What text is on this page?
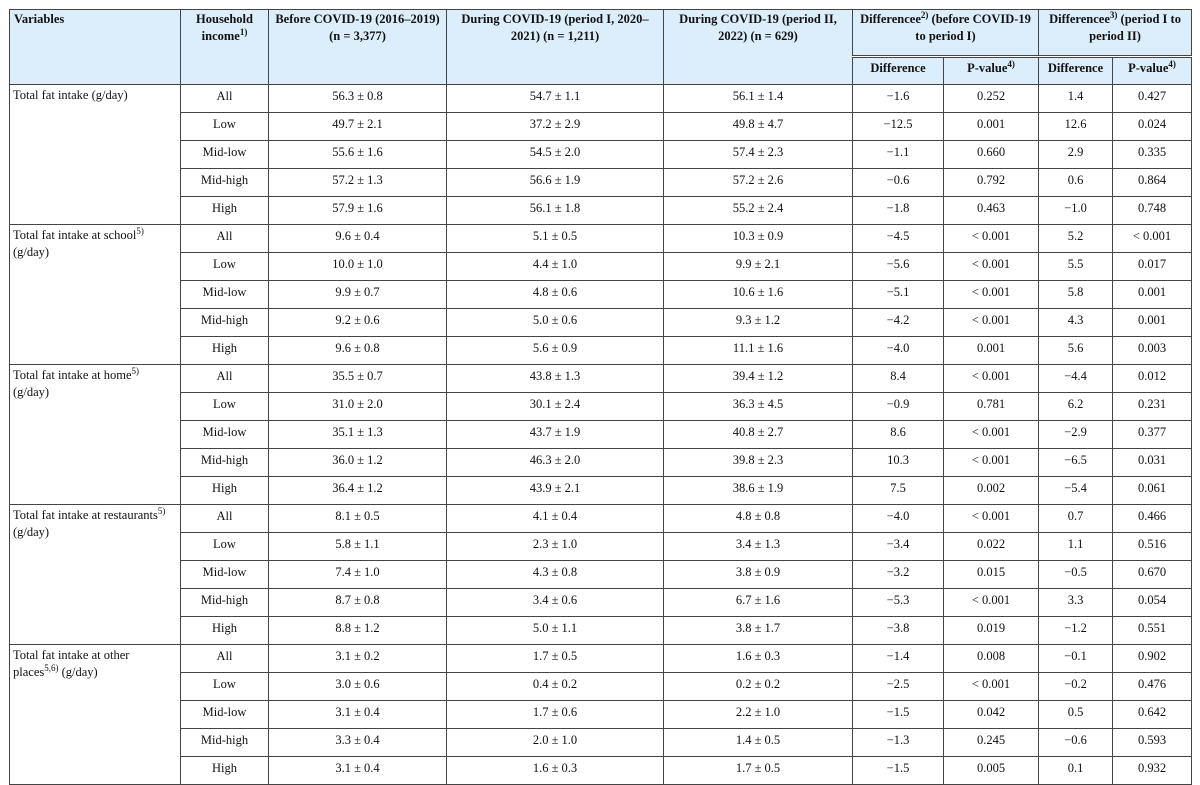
Variables	Household income$^{1)}$	Before COVID-19 (2016–2019) (n = 3,377)	During COVID-19 (period I, 2020–2021) (n = 1,211)	During COVID-19 (period II, 2022) (n = 629)	Differencee$^{2)}$ (before COVID-19 to period I)		Differencee$^{3)}$ (period I to period II)	
					Difference	P-value$^{4)}$	Difference	P-value$^{4)}$
Total fat intake (g/day)	All	56.3 ± 0.8	54.7 ± 1.1	56.1 ± 1.4	−1.6	0.252	1.4	0.427
	Low	49.7 ± 2.1	37.2 ± 2.9	49.8 ± 4.7	−12.5	0.001	12.6	0.024
	Mid-low	55.6 ± 1.6	54.5 ± 2.0	57.4 ± 2.3	−1.1	0.660	2.9	0.335
	Mid-high	57.2 ± 1.3	56.6 ± 1.9	57.2 ± 2.6	−0.6	0.792	0.6	0.864
	High	57.9 ± 1.6	56.1 ± 1.8	55.2 ± 2.4	−1.8	0.463	−1.0	0.748
Total fat intake at school$^{5)}$ (g/day)	All	9.6 ± 0.4	5.1 ± 0.5	10.3 ± 0.9	−4.5	< 0.001	5.2	< 0.001
	Low	10.0 ± 1.0	4.4 ± 1.0	9.9 ± 2.1	−5.6	< 0.001	5.5	0.017
	Mid-low	9.9 ± 0.7	4.8 ± 0.6	10.6 ± 1.6	−5.1	< 0.001	5.8	0.001
	Mid-high	9.2 ± 0.6	5.0 ± 0.6	9.3 ± 1.2	−4.2	< 0.001	4.3	0.001
	High	9.6 ± 0.8	5.6 ± 0.9	11.1 ± 1.6	−4.0	0.001	5.6	0.003
Total fat intake at home$^{5)}$ (g/day)	All	35.5 ± 0.7	43.8 ± 1.3	39.4 ± 1.2	8.4	< 0.001	−4.4	0.012
	Low	31.0 ± 2.0	30.1 ± 2.4	36.3 ± 4.5	−0.9	0.781	6.2	0.231
	Mid-low	35.1 ± 1.3	43.7 ± 1.9	40.8 ± 2.7	8.6	< 0.001	−2.9	0.377
	Mid-high	36.0 ± 1.2	46.3 ± 2.0	39.8 ± 2.3	10.3	< 0.001	−6.5	0.031
	High	36.4 ± 1.2	43.9 ± 2.1	38.6 ± 1.9	7.5	0.002	−5.4	0.061
Total fat intake at restaurants$^{5)}$ (g/day)	All	8.1 ± 0.5	4.1 ± 0.4	4.8 ± 0.8	−4.0	< 0.001	0.7	0.466
	Low	5.8 ± 1.1	2.3 ± 1.0	3.4 ± 1.3	−3.4	0.022	1.1	0.516
	Mid-low	7.4 ± 1.0	4.3 ± 0.8	3.8 ± 0.9	−3.2	0.015	−0.5	0.670
	Mid-high	8.7 ± 0.8	3.4 ± 0.6	6.7 ± 1.6	−5.3	< 0.001	3.3	0.054
	High	8.8 ± 1.2	5.0 ± 1.1	3.8 ± 1.7	−3.8	0.019	−1.2	0.551
Total fat intake at other places$^{5,6)}$ (g/day)	All	3.1 ± 0.2	1.7 ± 0.5	1.6 ± 0.3	−1.4	0.008	−0.1	0.902
	Low	3.0 ± 0.6	0.4 ± 0.2	0.2 ± 0.2	−2.5	< 0.001	−0.2	0.476
	Mid-low	3.1 ± 0.4	1.7 ± 0.6	2.2 ± 1.0	−1.5	0.042	0.5	0.642
	Mid-high	3.3 ± 0.4	2.0 ± 1.0	1.4 ± 0.5	−1.3	0.245	−0.6	0.593
	High	3.1 ± 0.4	1.6 ± 0.3	1.7 ± 0.5	−1.5	0.005	0.1	0.932
